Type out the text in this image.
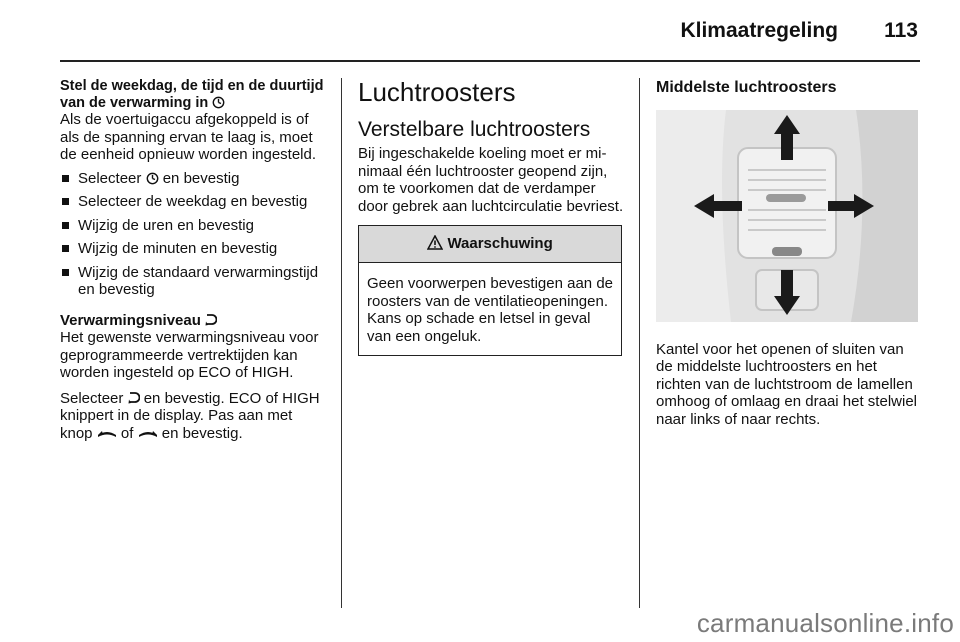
Klimaatregeling 113

Stel de weekdag, de tijd en de duurtijd
van de verwarming in

Als de voertuigaccu afgekoppeld is of als de spanning ervan te laag is, moet de eenheid opnieuw worden ingesteld.

Selecteer en bevestig
Selecteer de weekdag en bevestig
Wijzig de uren en bevestig
Wijzig de minuten en bevestig
Wijzig de standaard verwarmingstijd en bevestig

Verwarmingsniveau

Het gewenste verwarmingsniveau voor geprogrammeerde vertrektijden kan worden ingesteld op ECO of HIGH.

Selecteer en bevestig. ECO of HIGH knippert in de display. Pas aan met knop of en bevestig.

Luchtroosters
Verstelbare luchtroosters

Bij ingeschakelde koeling moet er minimaal één luchtrooster geopend zijn, om te voorkomen dat de verdamper door gebrek aan luchtcirculatie bevriest.

Waarschuwing
Geen voorwerpen bevestigen aan de roosters van de ventilatieopeningen. Kans op schade en letsel in geval van een ongeluk.
Middelste luchtroosters

Kantel voor het openen of sluiten van de middelste luchtroosters en het richten van de luchtstroom de lamellen omhoog of omlaag en draai het stelwiel naar links of naar rechts.

carmanualsonline.info
